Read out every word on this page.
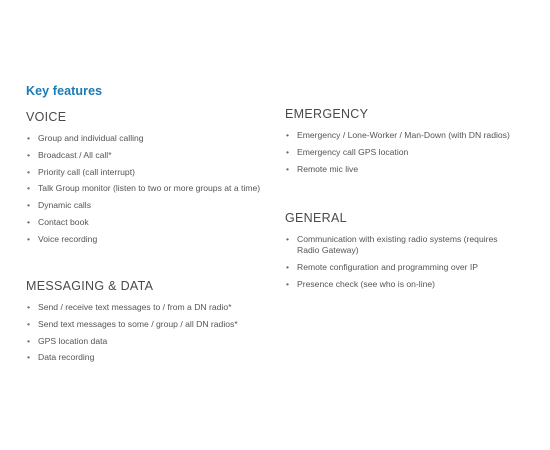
Key features
VOICE
• Group and individual calling
• Broadcast / All call*
• Priority call (call interrupt)
• Talk Group monitor (listen to two or more groups at a time)
• Dynamic calls
• Contact book
• Voice recording
MESSAGING & DATA
• Send / receive text messages to / from a DN radio*
• Send text messages to some / group / all DN radios*
• GPS location data
• Data recording
EMERGENCY
• Emergency / Lone-Worker / Man-Down (with DN radios)
• Emergency call GPS location
• Remote mic live
GENERAL
• Communication with existing radio systems (requires Radio Gateway)
• Remote configuration and programming over IP
• Presence check (see who is on-line)
